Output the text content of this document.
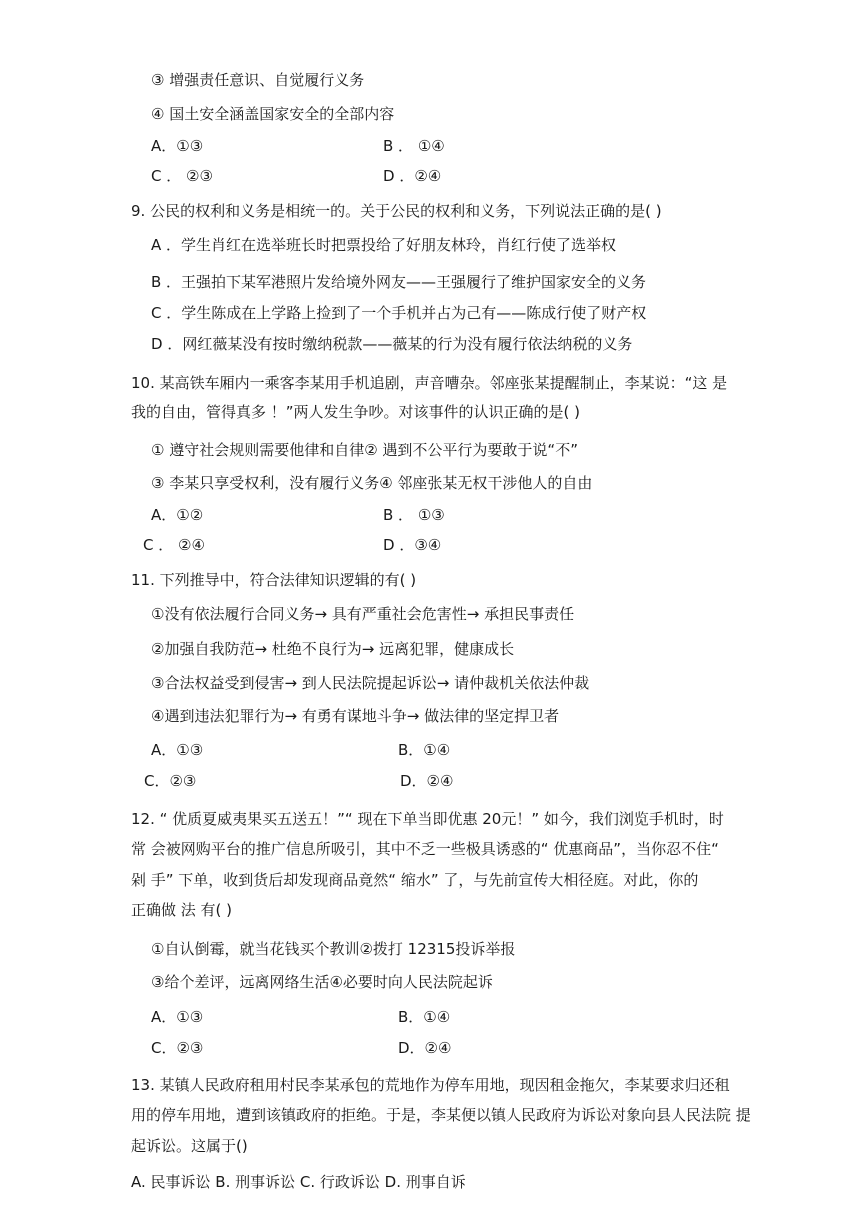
③ 增强责任意识、自觉履行义务
④ 国土安全涵盖国家安全的全部内容
A．①③	B ． ①④
C ． ②③	D ．②④
9. 公民的权利和义务是相统一的。关于公民的权利和义务，下列说法正确的是( )
A ．学生肖红在选举班长时把票投给了好朋友林玲，肖红行使了选举权
B ．王强拍下某军港照片发给境外网友——王强履行了维护国家安全的义务
C ．学生陈成在上学路上捡到了一个手机并占为己有——陈成行使了财产权
D ．网红薇某没有按时缴纳税款——薇某的行为没有履行依法纳税的义务
10. 某高铁车厢内一乘客李某用手机追剧，声音嘈杂。邻座张某提醒制止，李某说：“这 是
我的自由，管得真多 ！”两人发生争吵。对该事件的认识正确的是( )
① 遵守社会规则需要他律和自律② 遇到不公平行为要敢于说“不”
③ 李某只享受权利，没有履行义务④ 邻座张某无权干涉他人的自由
A．①②	B ． ①③
C ． ②④	D ．③④
11. 下列推导中，符合法律知识逻辑的有( )
①没有依法履行合同义务→ 具有严重社会危害性→ 承担民事责任
②加强自我防范→ 杜绝不良行为→ 远离犯罪，健康成长
③合法权益受到侵害→ 到人民法院提起诉讼→ 请仲裁机关依法仲裁
④遇到违法犯罪行为→ 有勇有谋地斗争→ 做法律的坚定捍卫者
A．①③	B．①④
C．②③	D．②④
12. “ 优质夏威夷果买五送五！”“ 现在下单当即优惠 20元！” 如今，我们浏览手机时，时
常 会被网购平台的推广信息所吸引，其中不乏一些极具诱惑的“ 优惠商品”，当你忍不住“
剁 手” 下单，收到货后却发现商品竟然“ 缩水” 了，与先前宣传大相径庭。对此，你的
正确做 法 有( )
①自认倒霉，就当花钱买个教训②拨打 12315投诉举报
③给个差评，远离网络生活④必要时向人民法院起诉
A．①③	B．①④
C．②③	D．②④
13. 某镇人民政府租用村民李某承包的荒地作为停车用地，现因租金拖欠，李某要求归还租
用的停车用地，遭到该镇政府的拒绝。于是，李某便以镇人民政府为诉讼对象向县人民法院 提
起诉讼。这属于()
A. 民事诉讼 B. 刑事诉讼 C. 行政诉讼 D. 刑事自诉
